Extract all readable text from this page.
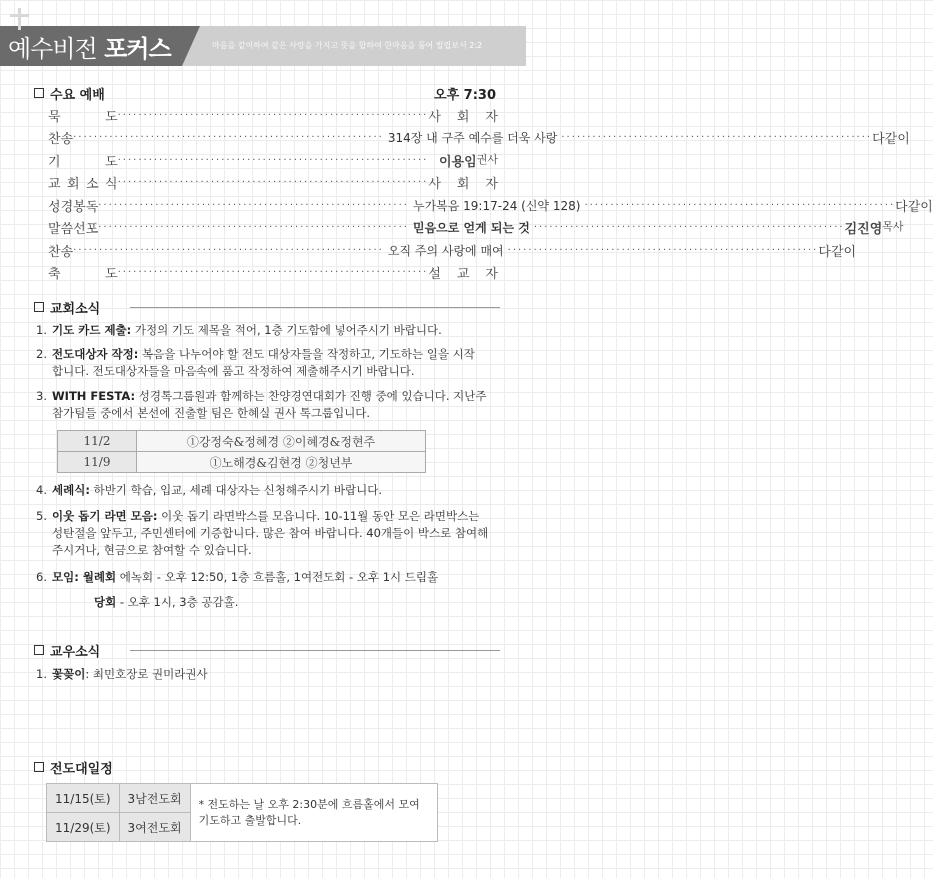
예수비전 포커스	마음을 같이하여 같은 사랑을 가지고 뜻을 합하여 한마음을 품어 빌립보서 2:2
수요 예배	오후 7:30
묵	도 ···························································· 사 회 자
찬 송 ···························································· 314장 내 구주 예수를 더욱 사랑 ···························································· 다 같 이
기	도 ···························································· 이용임 권사
교 회 소 식 ···························································· 사 회 자
성 경 봉 독 ···························································· 누가복음 19:17-24 (신약 128) ···························································· 다 같 이
말 씀 선 포 ···························································· 믿음으로 얻게 되는 것 ···························································· 김진영 목사
찬 송 ···························································· 오직 주의 사랑에 매여 ···························································· 다 같 이
축	도 ···························································· 설 교 자
교회소식
1. 기도 카드 제출: 가정의 기도 제목을 적어, 1층 기도함에 넣어주시기 바랍니다.
2. 전도대상자 작정: 복음을 나누어야 할 전도 대상자들을 작정하고, 기도하는 일을 시작
합니다. 전도대상자들을 마음속에 품고 작정하여 제출해주시기 바랍니다.
3. WITH FESTA: 성경톡그룹원과 함께하는 찬양경연대회가 진행 중에 있습니다. 지난주
참가팀들 중에서 본선에 진출할 팀은 한혜실 권사 톡그룹입니다.
11/2	①강정숙&정혜경 ②이혜경&정현주
11/9	①노해경&김현경 ②청년부
4. 세례식: 하반기 학습, 입교, 세례 대상자는 신청해주시기 바랍니다.
5. 이웃 돕기 라면 모음: 이웃 돕기 라면박스를 모읍니다. 10-11월 동안 모은 라면박스는
성탄절을 앞두고, 주민센터에 기증합니다. 많은 참여 바랍니다. 40개들이 박스로 참여해
주시거나, 현금으로 참여할 수 있습니다.
6. 모임: 월례회 에녹회 - 오후 12:50, 1층 흐름홀, 1여전도회 - 오후 1시 드림홀
당회 - 오후 1시, 3층 공감홀.
교우소식
1. 꽃꽂이: 최민호장로 권미라권사
전도대일정
11/15(토)	3남전도회	* 전도하는 날 오후 2:30분에 흐름홀에서 모여 기도하고 출발합니다.
11/29(토)	3여전도회	
